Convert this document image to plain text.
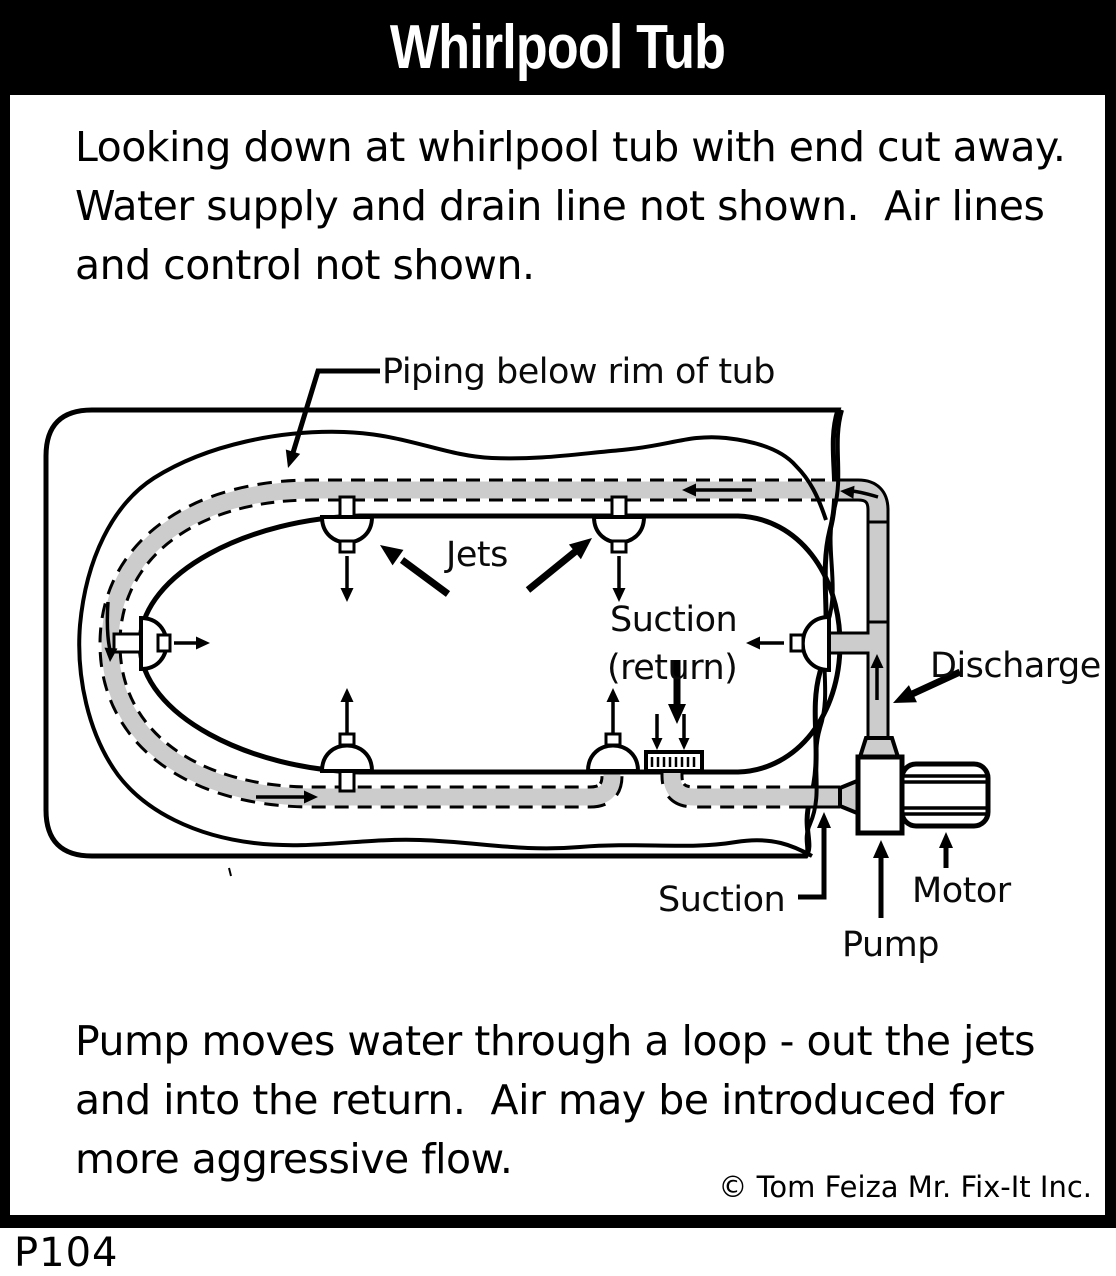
Whirlpool Tub
Looking down at whirlpool tub with end cut away.
Water supply and drain line not shown.  Air lines
and control not shown.
Piping below rim of tub
Jets
Suction
(return)	Discharge
Suction
Pump
Motor
Pump moves water through a loop - out the jets
and into the return.  Air may be introduced for
more aggressive flow.
© Tom Feiza Mr. Fix-It Inc.
P104
